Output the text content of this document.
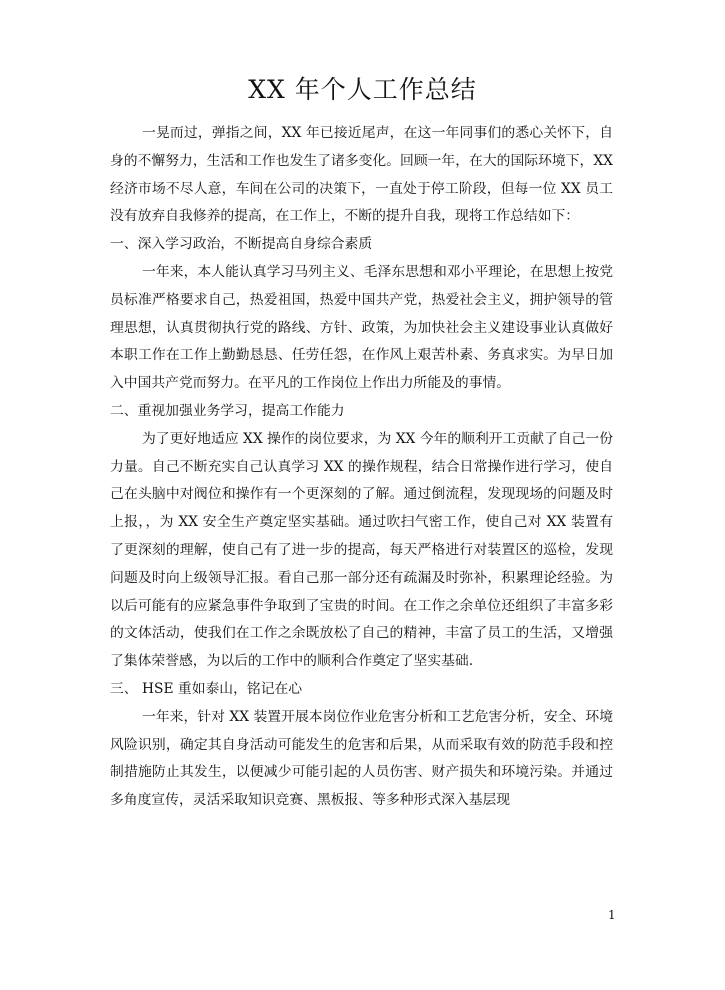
XX 年个人工作总结

一晃而过，弹指之间，XX 年已接近尾声，在这一年同事们的悉心关怀下，自身的不懈努力，生活和工作也发生了诸多变化。回顾一年，在大的国际环境下，XX 经济市场不尽人意，车间在公司的决策下，一直处于停工阶段，但每一位 XX 员工没有放弃自我修养的提高，在工作上，不断的提升自我，现将工作总结如下：

一、深入学习政治，不断提高自身综合素质

一年来，本人能认真学习马列主义、毛泽东思想和邓小平理论，在思想上按党员标准严格要求自己，热爱祖国，热爱中国共产党，热爱社会主义，拥护领导的管理思想，认真贯彻执行党的路线、方针、政策，为加快社会主义建设事业认真做好本职工作在工作上勤勤恳恳、任劳任怨，在作风上艰苦朴素、务真求实。为早日加入中国共产党而努力。在平凡的工作岗位上作出力所能及的事情。

二、重视加强业务学习，提高工作能力

为了更好地适应 XX 操作的岗位要求，为 XX 今年的顺利开工贡献了自己一份力量。自己不断充实自己认真学习 XX 的操作规程，结合日常操作进行学习，使自己在头脑中对阀位和操作有一个更深刻的了解。通过倒流程，发现现场的问题及时上报，，为 XX 安全生产奠定坚实基础。通过吹扫气密工作，使自己对 XX 装置有了更深刻的理解，使自己有了进一步的提高，每天严格进行对装置区的巡检，发现问题及时向上级领导汇报。看自己那一部分还有疏漏及时弥补，积累理论经验。为以后可能有的应紧急事件争取到了宝贵的时间。在工作之余单位还组织了丰富多彩的文体活动，使我们在工作之余既放松了自己的精神，丰富了员工的生活，又增强了集体荣誉感，为以后的工作中的顺利合作奠定了坚实基础.

三、 HSE 重如泰山，铭记在心

一年来，针对 XX 装置开展本岗位作业危害分析和工艺危害分析，安全、环境风险识别，确定其自身活动可能发生的危害和后果，从而采取有效的防范手段和控制措施防止其发生，以便减少可能引起的人员伤害、财产损失和环境污染。并通过多角度宣传，灵活采取知识竞赛、黑板报、等多种形式深入基层现

1
